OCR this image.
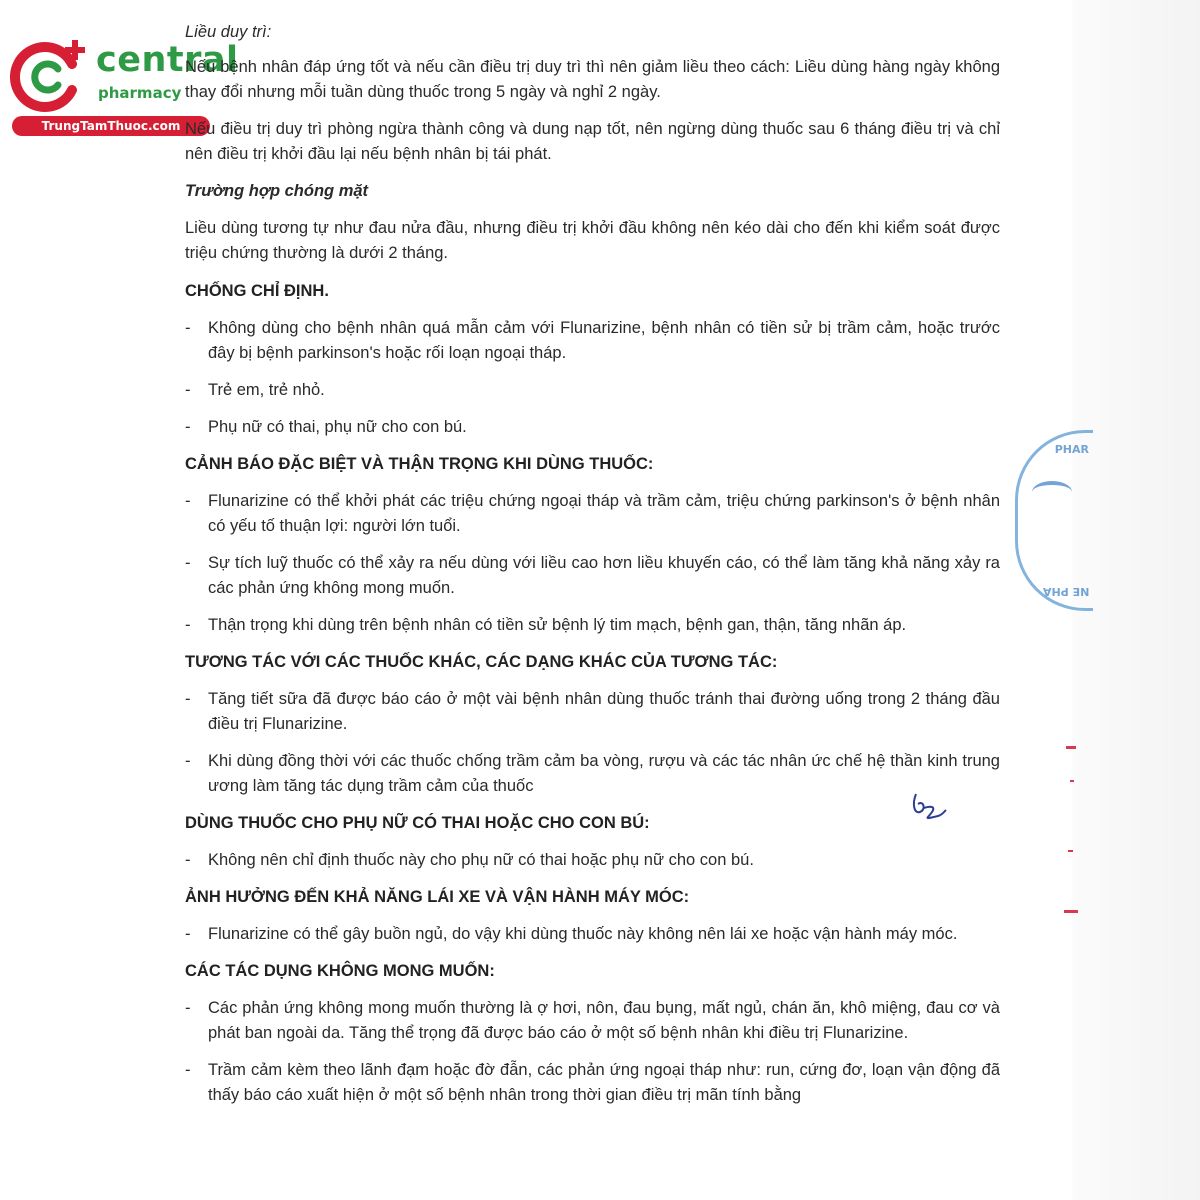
central
pharmacy
TrungTamThuoc.com

Liều duy trì:

Nếu bệnh nhân đáp ứng tốt và nếu cần điều trị duy trì thì nên giảm liều theo cách: Liều dùng hàng ngày không thay đổi nhưng mỗi tuần dùng thuốc trong 5 ngày và nghỉ 2 ngày.

Nếu điều trị duy trì phòng ngừa thành công và dung nạp tốt, nên ngừng dùng thuốc sau 6 tháng điều trị và chỉ nên điều trị khởi đầu lại nếu bệnh nhân bị tái phát.

Trường hợp chóng mặt

Liều dùng tương tự như đau nửa đầu, nhưng điều trị khởi đầu không nên kéo dài cho đến khi kiểm soát được triệu chứng thường là dưới 2 tháng.

CHỐNG CHỈ ĐỊNH.
- Không dùng cho bệnh nhân quá mẫn cảm với Flunarizine, bệnh nhân có tiền sử bị trầm cảm, hoặc trước đây bị bệnh parkinson's hoặc rối loạn ngoại tháp.
- Trẻ em, trẻ nhỏ.
- Phụ nữ có thai, phụ nữ cho con bú.
CẢNH BÁO ĐẶC BIỆT VÀ THẬN TRỌNG KHI DÙNG THUỐC:
- Flunarizine có thể khởi phát các triệu chứng ngoại tháp và trầm cảm, triệu chứng parkinson's ở bệnh nhân có yếu tố thuận lợi: người lớn tuổi.
- Sự tích luỹ thuốc có thể xảy ra nếu dùng với liều cao hơn liều khuyến cáo, có thể làm tăng khả năng xảy ra các phản ứng không mong muốn.
- Thận trọng khi dùng trên bệnh nhân có tiền sử bệnh lý tim mạch, bệnh gan, thận, tăng nhãn áp.
TƯƠNG TÁC VỚI CÁC THUỐC KHÁC, CÁC DẠNG KHÁC CỦA TƯƠNG TÁC:
- Tăng tiết sữa đã được báo cáo ở một vài bệnh nhân dùng thuốc tránh thai đường uống trong 2 tháng đầu điều trị Flunarizine.
- Khi dùng đồng thời với các thuốc chống trầm cảm ba vòng, rượu và các tác nhân ức chế hệ thần kinh trung ương làm tăng tác dụng trầm cảm của thuốc
DÙNG THUỐC CHO PHỤ NỮ CÓ THAI HOẶC CHO CON BÚ:
- Không nên chỉ định thuốc này cho phụ nữ có thai hoặc phụ nữ cho con bú.
ẢNH HƯỞNG ĐẾN KHẢ NĂNG LÁI XE VÀ VẬN HÀNH MÁY MÓC:
- Flunarizine có thể gây buồn ngủ, do vậy khi dùng thuốc này không nên lái xe hoặc vận hành máy móc.
CÁC TÁC DỤNG KHÔNG MONG MUỐN:
- Các phản ứng không mong muốn thường là ợ hơi, nôn, đau bụng, mất ngủ, chán ăn, khô miệng, đau cơ và phát ban ngoài da. Tăng thể trọng đã được báo cáo ở một số bệnh nhân khi điều trị Flunarizine.
- Trầm cảm kèm theo lãnh đạm hoặc đờ đẫn, các phản ứng ngoại tháp như: run, cứng đơ, loạn vận động đã thấy báo cáo xuất hiện ở một số bệnh nhân trong thời gian điều trị mãn tính bằng
PHAR
NE PHA
